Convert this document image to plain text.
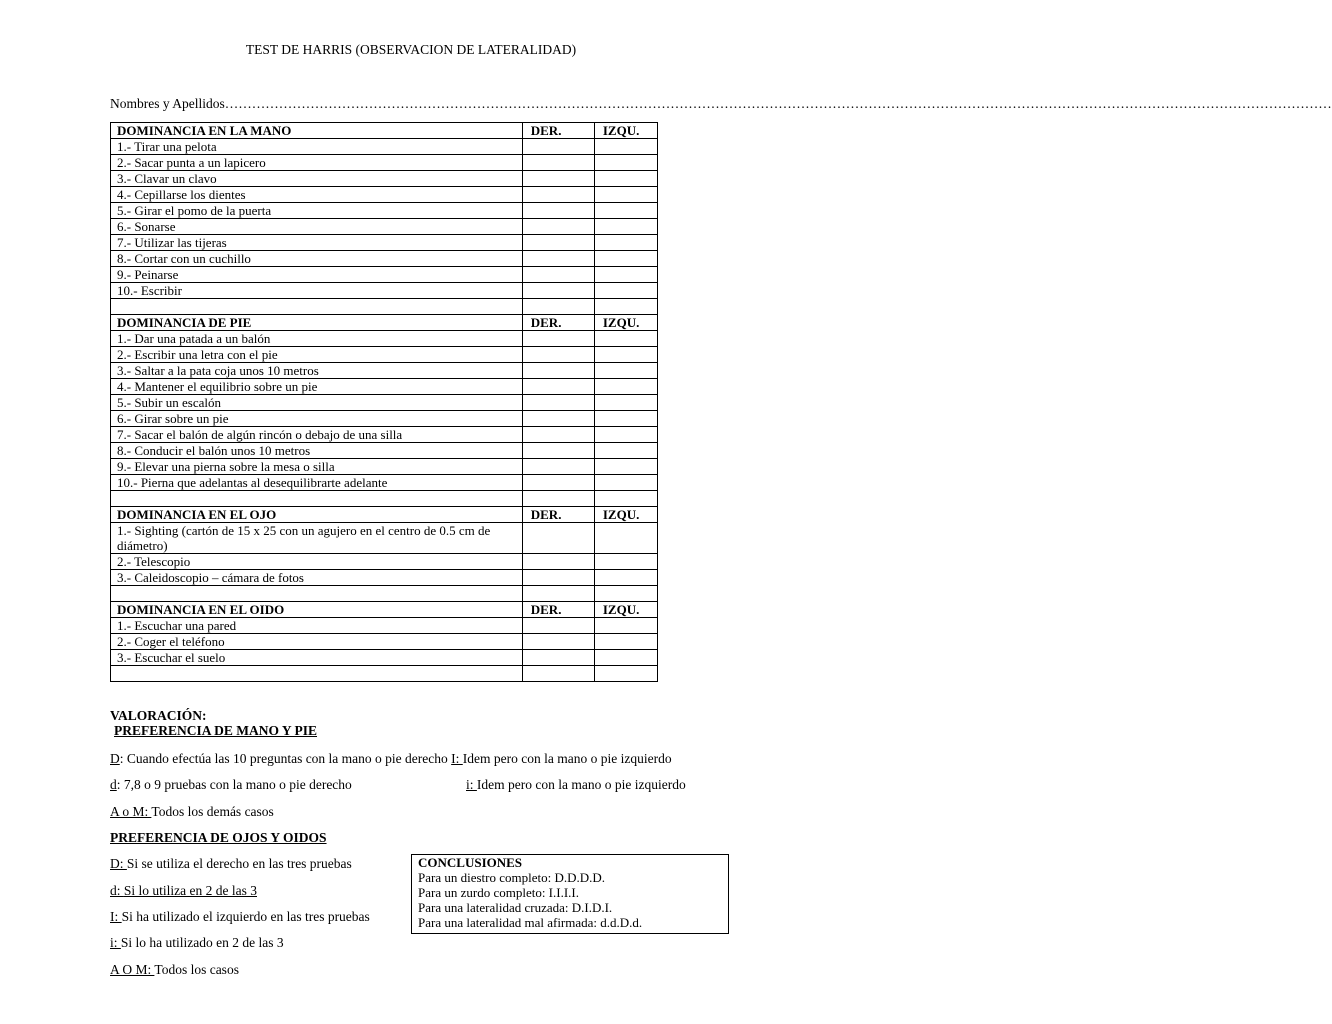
TEST DE HARRIS (OBSERVACION DE LATERALIDAD)
Nombres y Apellidos…………………………………………………………………………………………………………………………………………………………………………………………………………………………
DOMINANCIA EN LA MANO	DER.	IZQU.
1.- Tirar una pelota		
2.- Sacar punta a un lapicero		
3.- Clavar un clavo		
4.- Cepillarse los dientes		
5.- Girar el pomo de la puerta		
6.- Sonarse		
7.- Utilizar las tijeras		
8.- Cortar con un cuchillo		
9.- Peinarse		
10.- Escribir		

DOMINANCIA DE PIE	DER.	IZQU.
1.- Dar una patada a un balón		
2.- Escribir una letra con el pie		
3.- Saltar a la pata coja unos 10 metros		
4.- Mantener el equilibrio sobre un pie		
5.- Subir un escalón		
6.- Girar sobre un pie		
7.- Sacar el balón de algún rincón o debajo de una silla		
8.- Conducir el balón unos 10 metros		
9.- Elevar una pierna sobre la mesa o silla		
10.- Pierna que adelantas al desequilibrarte adelante		

DOMINANCIA EN EL OJO	DER.	IZQU.
1.- Sighting (cartón de 15 x 25 con un agujero en el centro de 0.5 cm de diámetro)		
2.- Telescopio		
3.- Caleidoscopio – cámara de fotos		

DOMINANCIA EN EL OIDO	DER.	IZQU.
1.- Escuchar una pared		
2.- Coger el teléfono		
3.- Escuchar el suelo		

VALORACIÓN:
PREFERENCIA DE MANO Y PIE
D: Cuando efectúa las 10 preguntas con la mano o pie derecho I: Idem pero con la mano o pie izquierdo
d: 7,8 o 9 pruebas con la mano o pie derecho	i: Idem pero con la mano o pie izquierdo
A o M: Todos los demás casos
PREFERENCIA DE OJOS Y OIDOS
D: Si se utiliza el derecho en las tres pruebas
d: Si lo utiliza en 2 de las 3
I: Si ha utilizado el izquierdo en las tres pruebas
i: Si lo ha utilizado en 2 de las 3
A O M: Todos los casos
CONCLUSIONES
Para un diestro completo: D.D.D.D.
Para un zurdo completo: I.I.I.I.
Para una lateralidad cruzada: D.I.D.I.
Para una lateralidad mal afirmada: d.d.D.d.
